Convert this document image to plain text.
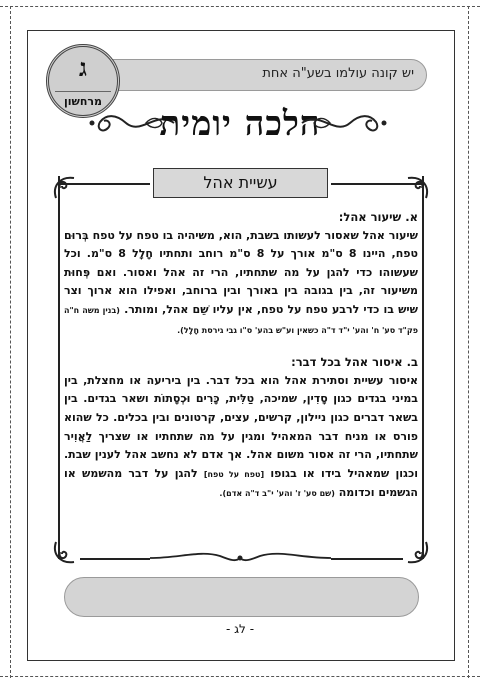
יש קונה עולמו בשע"ה אחת
ג
מרחשון
הלכה יומית
עשיית אהל
א. שיעור אהל:
שיעור אהל שאסור לעשותו בשבת, הוא, משיהיה בו טפח על טפח בְּרוּם טפח, היינו 8 ס"מ אורך על 8 ס"מ רוחב ותחתיו חָלָל 8 ס"מ. וכל שעשוהו כדי להגן על מה שתחתיו, הרי זה אהל ואסור. ואם פְּחוּת משיעור זה, בין בגובה בין באורך ובין ברוחב, ואפילו הוא ארוך וצר שיש בו כדי לרבע טפח על טפח, אין עליו שֵׁם אהל, ומותר. (בנין משה ח"ה פק"ד סע' ח' והע' י"ד ד"ה כשאין וע"ש בהע' ס"ו גבי גירסת חָלָל).
ב. איסור אהל בכל דבר:
איסור עשיית וסתירת אהל הוא בכל דבר. בין ביריעה או מחצלת, בין במיני בגדים כגון סָדִין, שמיכה, טַלִּית, כָּרִים וּכְסָתוֹת ושאר בגדים. בין בשאר דברים כגון ניילון, קרשים, עצים, קרטונים ובין בכלים. כל שהוא פורס או מניח דבר המאהיל ומגין על מה שתחתיו או שצריך לַאֲוִיר שתחתיו, הרי זה אסור משום אהל. אך אדם לא נחשב אהל לענין שבת. וכגון שמאהיל בידו או בגופו [טפח על טפח] להגן על דבר מהשמש או הגשמים וכדומה (שם סע' ז' והע' י"ב ד"ה אדם).
- לג -
